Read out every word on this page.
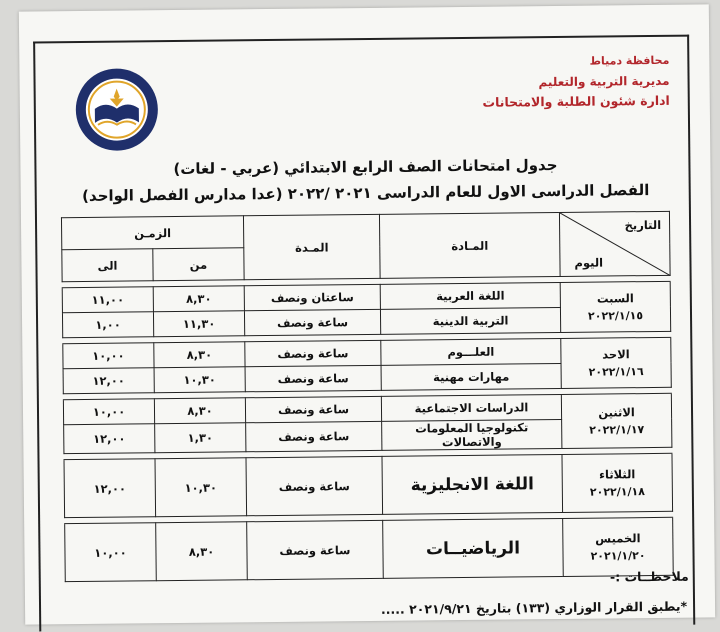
محافظة دمياط
مديرية التربية والتعليم
ادارة شئون الطلبة والامتحانات
جدول امتحانات الصف الرابع الابتدائي (عربي - لغات)
الفصل الدراسى الاول للعام الدراسى ٢٠٢١ /٢٠٢٢ (عدا مدارس الفصل الواحد)
التاريخ
اليوم	المـادة	المـدة	الزمـن	
			من	الى

السبت
٢٠٢٢/١/١٥	اللغة العربية	ساعتان ونصف	٨,٣٠	١١,٠٠
	التربية الدينية	ساعة ونصف	١١,٣٠	١,٠٠

الاحد
٢٠٢٢/١/١٦	العلـــوم	ساعة ونصف	٨,٣٠	١٠,٠٠
	مهارات مهنية	ساعة ونصف	١٠,٣٠	١٢,٠٠

الاثنين
٢٠٢٢/١/١٧	الدراسات الاجتماعية	ساعة ونصف	٨,٣٠	١٠,٠٠
	تكنولوجيا المعلومات والاتصالات	ساعة ونصف	١,٣٠	١٢,٠٠

الثلاثاء
٢٠٢٢/١/١٨	اللغة الانجليزية	ساعة ونصف	١٠,٣٠	١٢,٠٠

الخميس
٢٠٢١/١/٢٠	الرياضيــات	ساعة ونصف	٨,٣٠	١٠,٠٠
ملاحظــات :-
*يطبق القرار الوزاري (١٣٣) بتاريخ ٢٠٢١/٩/٢١ .....
